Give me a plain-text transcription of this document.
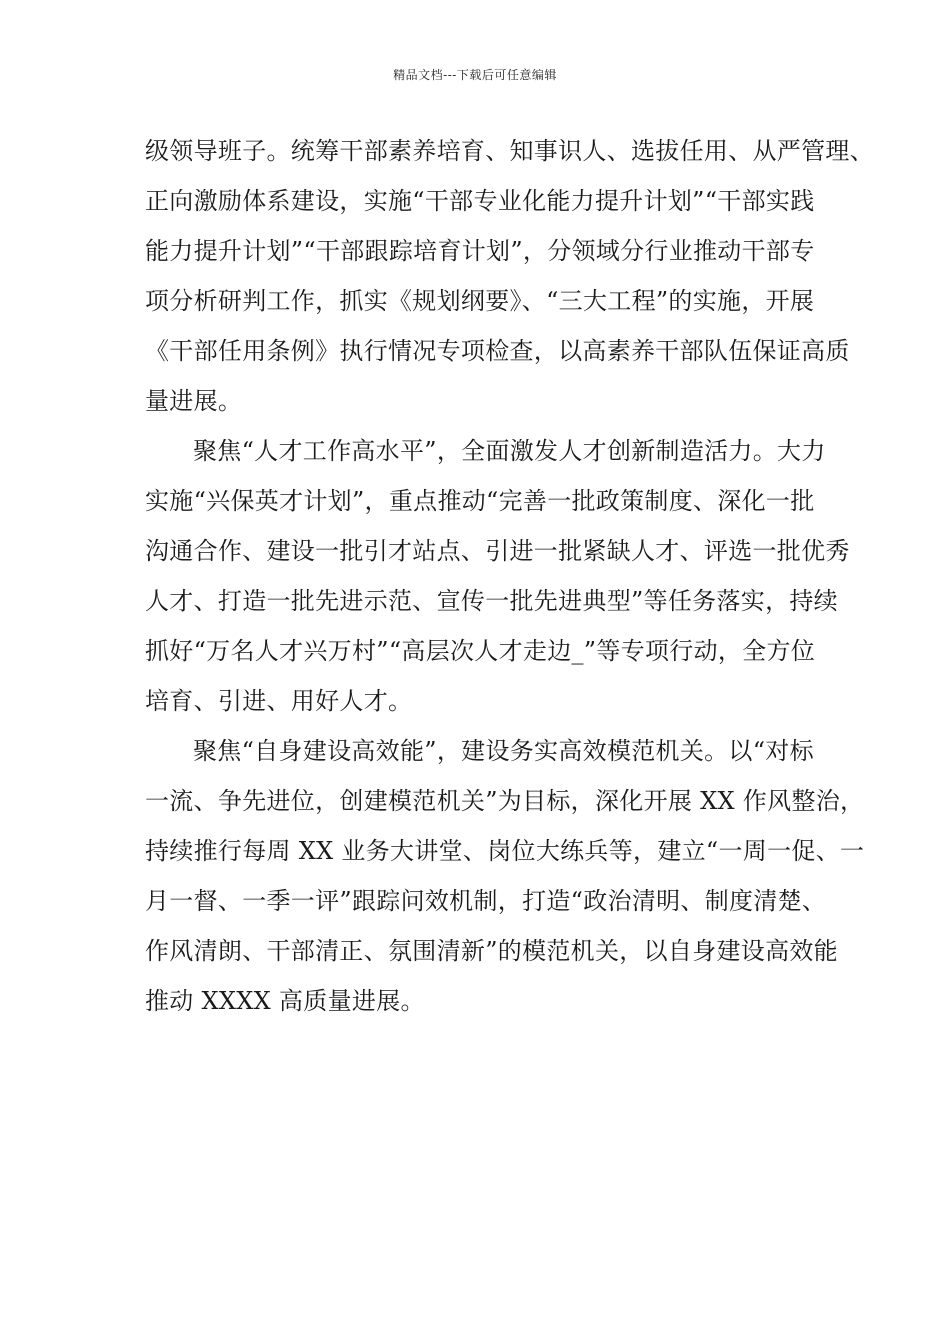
精品文档---下载后可任意编辑
级领导班子。统筹干部素养培育、知事识人、选拔任用、从严管理、
正向激励体系建设，实施“干部专业化能力提升计划”“干部实践
能力提升计划”“干部跟踪培育计划”，分领域分行业推动干部专
项分析研判工作，抓实《规划纲要》、“三大工程”的实施，开展
《干部任用条例》执行情况专项检查，以高素养干部队伍保证高质
量进展。
聚焦“人才工作高水平”，全面激发人才创新制造活力。大力
实施“兴保英才计划”，重点推动“完善一批政策制度、深化一批
沟通合作、建设一批引才站点、引进一批紧缺人才、评选一批优秀
人才、打造一批先进示范、宣传一批先进典型”等任务落实，持续
抓好“万名人才兴万村”“高层次人才走边_”等专项行动，全方位
培育、引进、用好人才。
聚焦“自身建设高效能”，建设务实高效模范机关。以“对标
一流、争先进位，创建模范机关”为目标，深化开展 XX 作风整治，
持续推行每周 XX 业务大讲堂、岗位大练兵等，建立“一周一促、一
月一督、一季一评”跟踪问效机制，打造“政治清明、制度清楚、
作风清朗、干部清正、氛围清新”的模范机关，以自身建设高效能
推动 XXXX 高质量进展。
